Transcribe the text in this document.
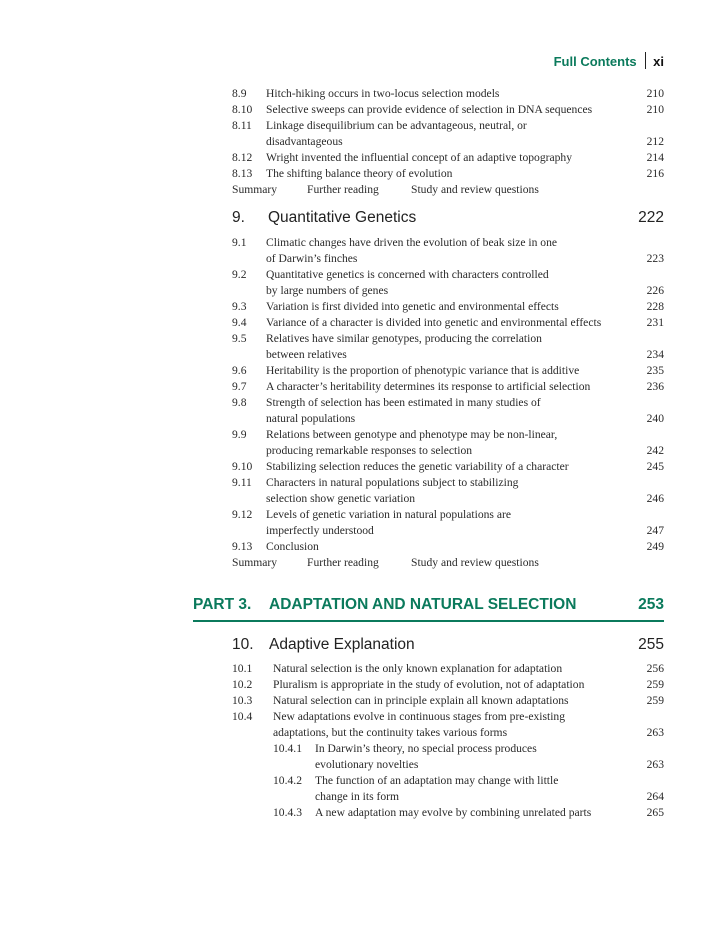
Full Contents xi
8.9	Hitch-hiking occurs in two-locus selection models	210
8.10	Selective sweeps can provide evidence of selection in DNA sequences	210
8.11	Linkage disequilibrium can be advantageous, neutral, or disadvantageous	212
8.12	Wright invented the influential concept of an adaptive topography	214
8.13	The shifting balance theory of evolution	216
Summary	Further reading	Study and review questions
9.	Quantitative Genetics	222
9.1	Climatic changes have driven the evolution of beak size in one of Darwin’s finches	223
9.2	Quantitative genetics is concerned with characters controlled by large numbers of genes	226
9.3	Variation is first divided into genetic and environmental effects	228
9.4	Variance of a character is divided into genetic and environmental effects	231
9.5	Relatives have similar genotypes, producing the correlation between relatives	234
9.6	Heritability is the proportion of phenotypic variance that is additive	235
9.7	A character’s heritability determines its response to artificial selection	236
9.8	Strength of selection has been estimated in many studies of natural populations	240
9.9	Relations between genotype and phenotype may be non-linear, producing remarkable responses to selection	242
9.10	Stabilizing selection reduces the genetic variability of a character	245
9.11	Characters in natural populations subject to stabilizing selection show genetic variation	246
9.12	Levels of genetic variation in natural populations are imperfectly understood	247
9.13	Conclusion	249
Summary	Further reading	Study and review questions
PART 3.	ADAPTATION AND NATURAL SELECTION	253
10. Adaptive Explanation	255
10.1	Natural selection is the only known explanation for adaptation	256
10.2	Pluralism is appropriate in the study of evolution, not of adaptation	259
10.3	Natural selection can in principle explain all known adaptations	259
10.4	New adaptations evolve in continuous stages from pre-existing adaptations, but the continuity takes various forms	263
10.4.1	In Darwin’s theory, no special process produces evolutionary novelties	263
10.4.2	The function of an adaptation may change with little change in its form	264
10.4.3	A new adaptation may evolve by combining unrelated parts	265
